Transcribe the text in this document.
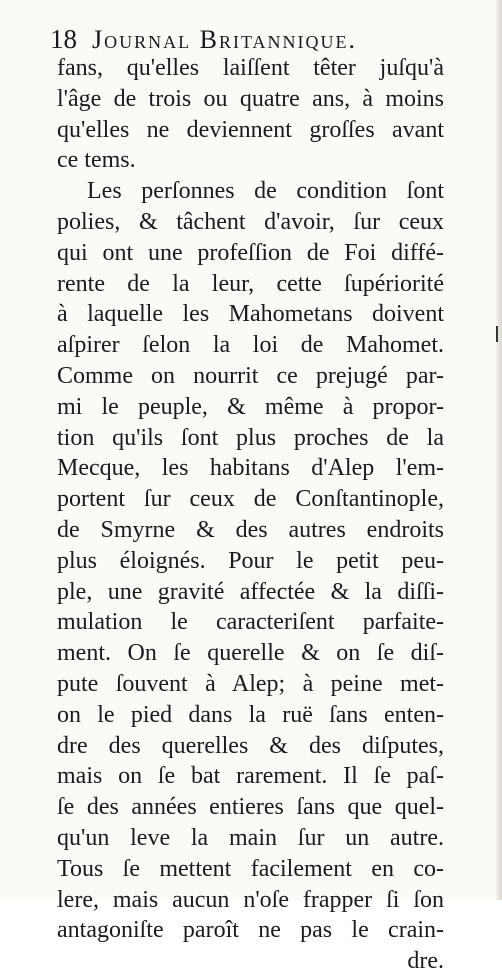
18 Journal Britannique.
fans, qu'elles laiſſent têter juſqu'à
l'âge de trois ou quatre ans, à moins
qu'elles ne deviennent groſſes avant
ce tems.
Les perſonnes de condition ſont
polies, & tâchent d'avoir, ſur ceux
qui ont une profeſſion de Foi diffé-
rente de la leur, cette ſupériorité
à laquelle les Mahometans doivent
aſpirer ſelon la loi de Mahomet.
Comme on nourrit ce prejugé par-
mi le peuple, & même à propor-
tion qu'ils ſont plus proches de la
Mecque, les habitans d'Alep l'em-
portent ſur ceux de Conſtantinople,
de Smyrne & des autres endroits
plus éloignés. Pour le petit peu-
ple, une gravité affectée & la diſſi-
mulation le caracteriſent parfaite-
ment. On ſe querelle & on ſe diſ-
pute ſouvent à Alep; à peine met-
on le pied dans la ruë ſans enten-
dre des querelles & des diſputes,
mais on ſe bat rarement. Il ſe paſ-
ſe des années entieres ſans que quel-
qu'un leve la main ſur un autre.
Tous ſe mettent facilement en co-
lere, mais aucun n'oſe frapper ſi ſon
antagoniſte paroît ne pas le crain-
dre.
